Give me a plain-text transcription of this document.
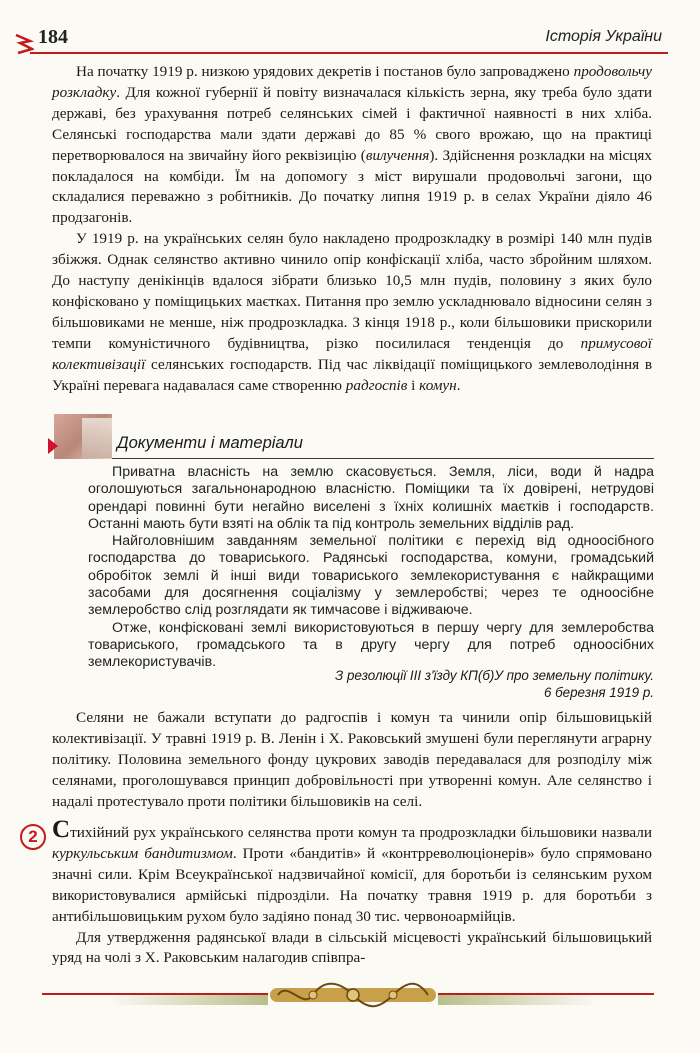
184	Історія України

На початку 1919 р. низкою урядових декретів і постанов було запроваджено продовольчу розкладку. Для кожної губернії й повіту визначалася кількість зерна, яку треба було здати державі, без урахування потреб селянських сімей і фактичної наявності в них хліба. Селянські господарства мали здати державі до 85 % свого врожаю, що на практиці перетворювалося на звичайну його реквізицію (вилучення). Здійснення розкладки на місцях покладалося на комбіди. Їм на допомогу з міст вирушали продовольчі загони, що складалися переважно з робітників. До початку липня 1919 р. в селах України діяло 46 продзагонів.

У 1919 р. на українських селян було накладено продрозкладку в розмірі 140 млн пудів збіжжя. Однак селянство активно чинило опір конфіскації хліба, часто збройним шляхом. До наступу денікінців вдалося зібрати близько 10,5 млн пудів, половину з яких було конфісковано у поміщицьких маєтках. Питання про землю ускладнювало відносини селян з більшовиками не менше, ніж продрозкладка. З кінця 1918 р., коли більшовики прискорили темпи комуністичного будівництва, різко посилилася тенденція до примусової колективізації селянських господарств. Під час ліквідації поміщицького землеволодіння в Україні перевага надавалася саме створенню радгоспів і комун.

Документи і матеріали

Приватна власність на землю скасовується. Земля, ліси, води й надра оголошуються загальнонародною власністю. Поміщики та їх довірені, нетрудові орендарі повинні бути негайно виселені з їхніх колишніх маєтків і господарств. Останні мають бути взяті на облік та під контроль земельних відділів рад.

Найголовнішим завданням земельної політики є перехід від одноосібного господарства до товариського. Радянські господарства, комуни, громадський обробіток землі й інші види товариського землекористування є найкращими засобами для досягнення соціалізму у землеробстві; через те одноосібне землеробство слід розглядати як тимчасове і відживаюче.

Отже, конфісковані землі використовуються в першу чергу для землеробства товариського, громадського та в другу чергу для потреб одноосібних землекористувачів.

З резолюції III з'їзду КП(б)У про земельну політику.
6 березня 1919 р.

Селяни не бажали вступати до радгоспів і комун та чинили опір більшовицькій колективізації. У травні 1919 р. В. Ленін і Х. Раковський змушені були переглянути аграрну політику. Половина земельного фонду цукрових заводів передавалася для розподілу між селянами, проголошувався принцип добровільності при утворенні комун. Але селянство і надалі протестувало проти політики більшовиків на селі.

2 Стихійний рух українського селянства проти комун та продрозкладки більшовики назвали куркульським бандитизмом. Проти «бандитів» й «контрреволюціонерів» було спрямовано значні сили. Крім Всеукраїнської надзвичайної комісії, для боротьби із селянським рухом використовувалися армійські підрозділи. На початку травня 1919 р. для боротьби з антибільшовицьким рухом було задіяно понад 30 тис. червоноармійців.

Для утвердження радянської влади в сільській місцевості український більшовицький уряд на чолі з Х. Раковським налагодив співпра-
